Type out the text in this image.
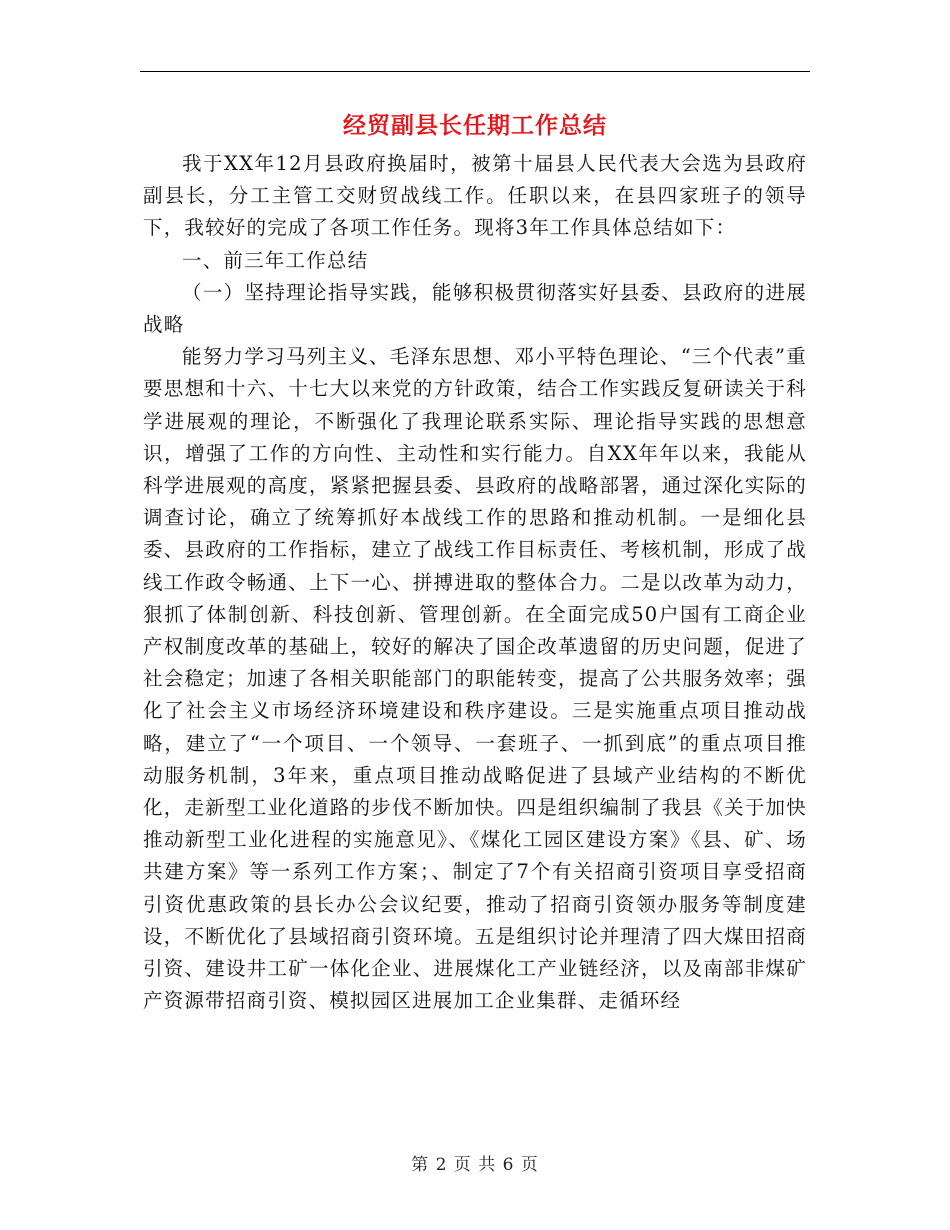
经贸副县长任期工作总结

我于XX年12月县政府换届时，被第十届县人民代表大会选为县政府副县长，分工主管工交财贸战线工作。任职以来，在县四家班子的领导下，我较好的完成了各项工作任务。现将3年工作具体总结如下：

一、前三年工作总结

（一）坚持理论指导实践，能够积极贯彻落实好县委、县政府的进展战略

能努力学习马列主义、毛泽东思想、邓小平特色理论、“三个代表”重要思想和十六、十七大以来党的方针政策，结合工作实践反复研读关于科学进展观的理论，不断强化了我理论联系实际、理论指导实践的思想意识，增强了工作的方向性、主动性和实行能力。自XX年年以来，我能从科学进展观的高度，紧紧把握县委、县政府的战略部署，通过深化实际的调查讨论，确立了统筹抓好本战线工作的思路和推动机制。一是细化县委、县政府的工作指标，建立了战线工作目标责任、考核机制，形成了战线工作政令畅通、上下一心、拼搏进取的整体合力。二是以改革为动力，狠抓了体制创新、科技创新、管理创新。在全面完成50户国有工商企业产权制度改革的基础上，较好的解决了国企改革遗留的历史问题，促进了社会稳定；加速了各相关职能部门的职能转变，提高了公共服务效率；强化了社会主义市场经济环境建设和秩序建设。三是实施重点项目推动战略，建立了“一个项目、一个领导、一套班子、一抓到底”的重点项目推动服务机制，3年来，重点项目推动战略促进了县域产业结构的不断优化，走新型工业化道路的步伐不断加快。四是组织编制了我县《关于加快推动新型工业化进程的实施意见》、《煤化工园区建设方案》《县、矿、场共建方案》等一系列工作方案；、制定了7个有关招商引资项目享受招商引资优惠政策的县长办公会议纪要，推动了招商引资领办服务等制度建设，不断优化了县域招商引资环境。五是组织讨论并理清了四大煤田招商引资、建设井工矿一体化企业、进展煤化工产业链经济，以及南部非煤矿产资源带招商引资、模拟园区进展加工企业集群、走循环经

第 2 页 共 6 页
